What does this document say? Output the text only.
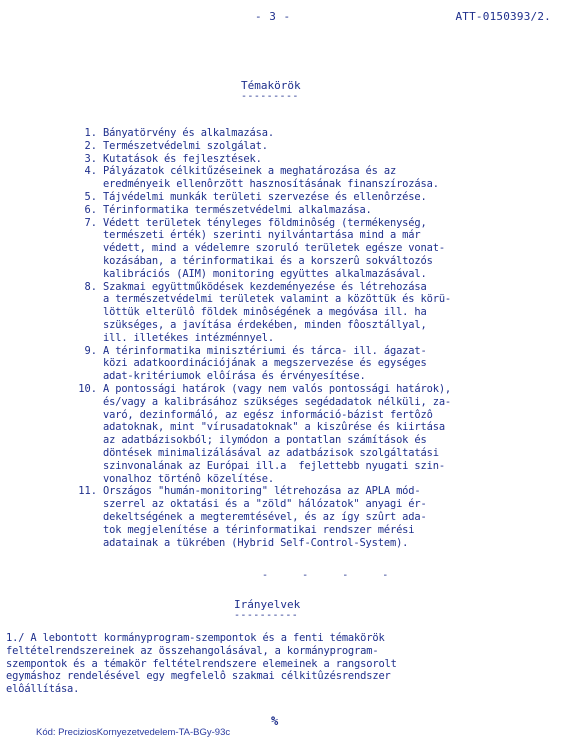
- 3 -	ATT-0150393/2.
Témakörök
---------
1. Bányatörvény és alkalmazása.
2. Természetvédelmi szolgálat.
3. Kutatások és fejlesztések.
4. Pályázatok célkitűzéseinek a meghatározása és az
eredményeik ellenôrzött hasznosításának finanszírozása.
5. Tájvédelmi munkák területi szervezése és ellenôrzése.
6. Térinformatika természetvédelmi alkalmazása.
7. Védett területek tényleges földminôség (termékenység,
természeti érték) szerinti nyilvántartása mind a már
védett, mind a védelemre szoruló területek egésze vonat-
kozásában, a térinformatikai és a korszerû sokváltozós
kalibrációs (AIM) monitoring együttes alkalmazásával.
8. Szakmai együttműködések kezdeményezése és létrehozása
a természetvédelmi területek valamint a közöttük és körü-
löttük elterülô földek minôségének a megóvása ill. ha
szükséges, a javítása érdekében, minden fôosztállyal,
ill. illetékes intézménnyel.
9. A térinformatika minisztériumi és tárca- ill. ágazat-
közi adatkoordinációjának a megszervezése és egységes
adat-kritériumok elôírása és érvényesítése.
10. A pontossági határok (vagy nem valós pontossági határok),
és/vagy a kalibrásához szükséges segédadatok nélküli, za-
varó, dezinformáló, az egész információ-bázist fertôzô
adatoknak, mint "vírusadatoknak" a kiszûrése és kiirtása
az adatbázisokból; ilymódon a pontatlan számítások és
döntések minimalizálásával az adatbázisok szolgáltatási
szinvonalának az Európai ill.a  fejlettebb nyugati szin-
vonalhoz történô közelítése.
11. Országos "humán-monitoring" létrehozása az APLA mód-
szerrel az oktatási és a "zöld" hálózatok" anyagi ér-
dekeltségének a megteremtésével, és az így szûrt ada-
tok megjelenítése a térinformatikai rendszer mérési
adatainak a tükrében (Hybrid Self-Control-System).
-    -    -    -
Irányelvek
----------
1./ A lebontott kormányprogram-szempontok és a fenti témakörök
feltételrendszereinek az összehangolásával, a kormányprogram-
szempontok és a témakör feltételrendszere elemeinek a rangsorolt
egymáshoz rendelésével egy megfelelô szakmai célkitûzésrendszer
elôállítása.
%
Kód: PreciziosKornyezetvedelem-TA-BGy-93c
